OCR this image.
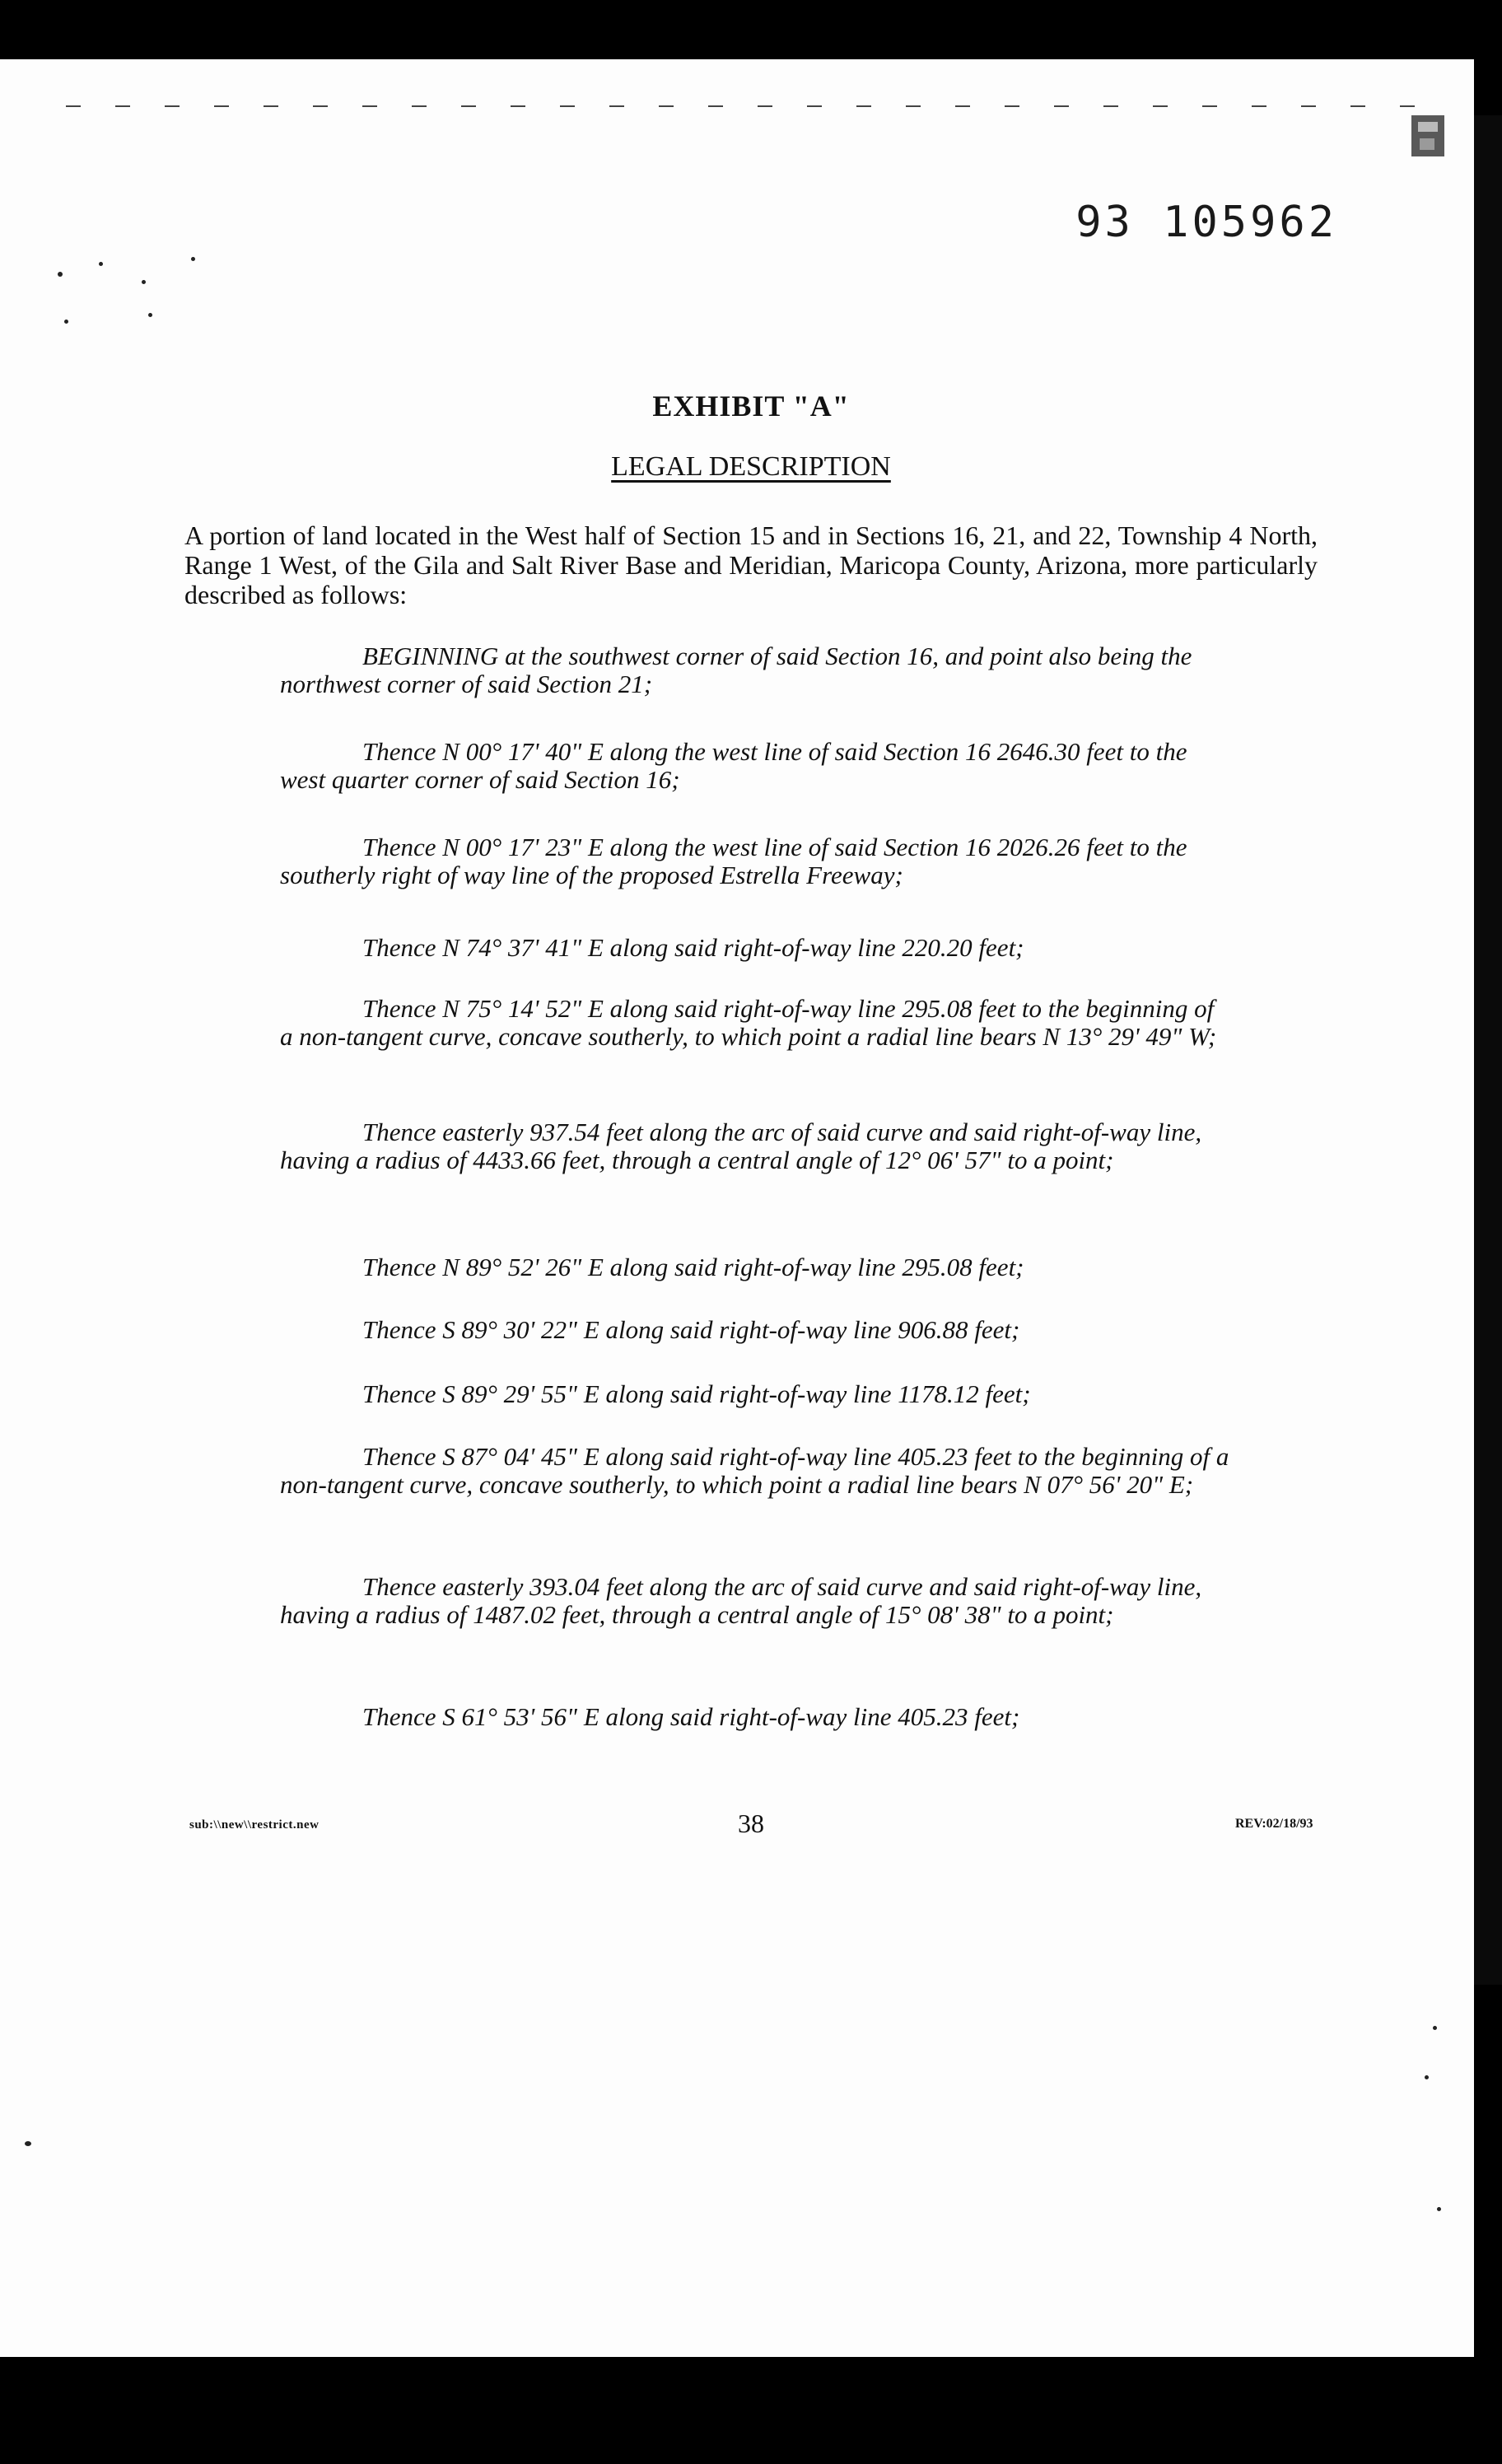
93 105962
EXHIBIT "A"
LEGAL DESCRIPTION
A portion of land located in the West half of Section 15 and in Sections 16, 21, and 22, Township 4 North, Range 1 West, of the Gila and Salt River Base and Meridian, Maricopa County, Arizona, more particularly described as follows:
BEGINNING at the southwest corner of said Section 16, and point also being the northwest corner of said Section 21;
Thence N 00° 17' 40" E along the west line of said Section 16 2646.30 feet to the west quarter corner of said Section 16;
Thence N 00° 17' 23" E along the west line of said Section 16 2026.26 feet to the southerly right of way line of the proposed Estrella Freeway;
Thence N 74° 37' 41" E along said right-of-way line 220.20 feet;
Thence N 75° 14' 52" E along said right-of-way line 295.08 feet to the beginning of a non-tangent curve, concave southerly, to which point a radial line bears N 13° 29' 49" W;
Thence easterly 937.54 feet along the arc of said curve and said right-of-way line, having a radius of 4433.66 feet, through a central angle of 12° 06' 57" to a point;
Thence N 89° 52' 26" E along said right-of-way line 295.08 feet;
Thence S 89° 30' 22" E along said right-of-way line 906.88 feet;
Thence S 89° 29' 55" E along said right-of-way line 1178.12 feet;
Thence S 87° 04' 45" E along said right-of-way line 405.23 feet to the beginning of a non-tangent curve, concave southerly, to which point a radial line bears N 07° 56' 20" E;
Thence easterly 393.04 feet along the arc of said curve and said right-of-way line, having a radius of 1487.02 feet, through a central angle of 15° 08' 38" to a point;
Thence S 61° 53' 56" E along said right-of-way line 405.23 feet;
sub:\\new\\restrict.new	38	REV:02/18/93
